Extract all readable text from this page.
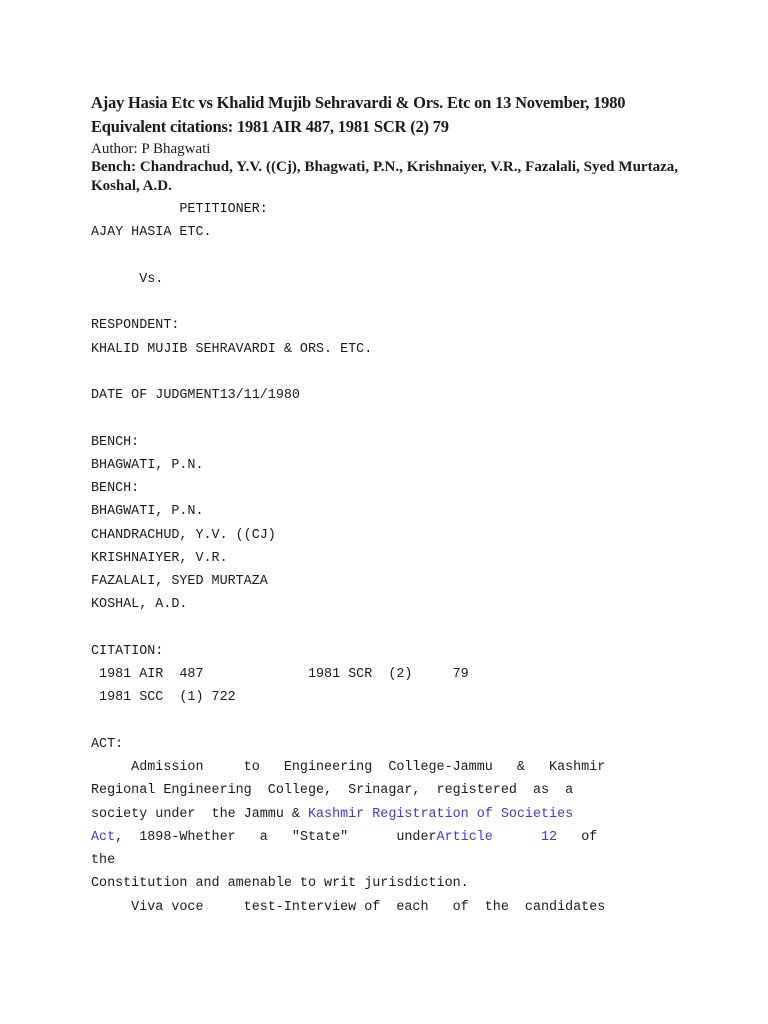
Ajay Hasia Etc vs Khalid Mujib Sehravardi & Ors. Etc on 13 November, 1980
Equivalent citations: 1981 AIR 487, 1981 SCR (2) 79
Author: P Bhagwati
Bench: Chandrachud, Y.V. ((Cj), Bhagwati, P.N., Krishnaiyer, V.R., Fazalali, Syed Murtaza, Koshal, A.D.
PETITIONER:
AJAY HASIA ETC.
Vs.
RESPONDENT:
KHALID MUJIB SEHRAVARDI & ORS. ETC.
DATE OF JUDGMENT13/11/1980
BENCH:
BHAGWATI, P.N.
BENCH:
BHAGWATI, P.N.
CHANDRACHUD, Y.V. ((CJ)
KRISHNAIYER, V.R.
FAZALALI, SYED MURTAZA
KOSHAL, A.D.
CITATION:
1981 AIR  487             1981 SCR  (2)     79
1981 SCC  (1) 722
ACT:
Admission     to   Engineering  College-Jammu   &   Kashmir
Regional Engineering  College,  Srinagar,  registered  as  a
society under  the Jammu & Kashmir Registration of Societies
Act,  1898-Whether   a   "State"      underArticle      12   of
the
Constitution and amenable to writ jurisdiction.
Viva voce     test-Interview of  each   of  the  candidates
